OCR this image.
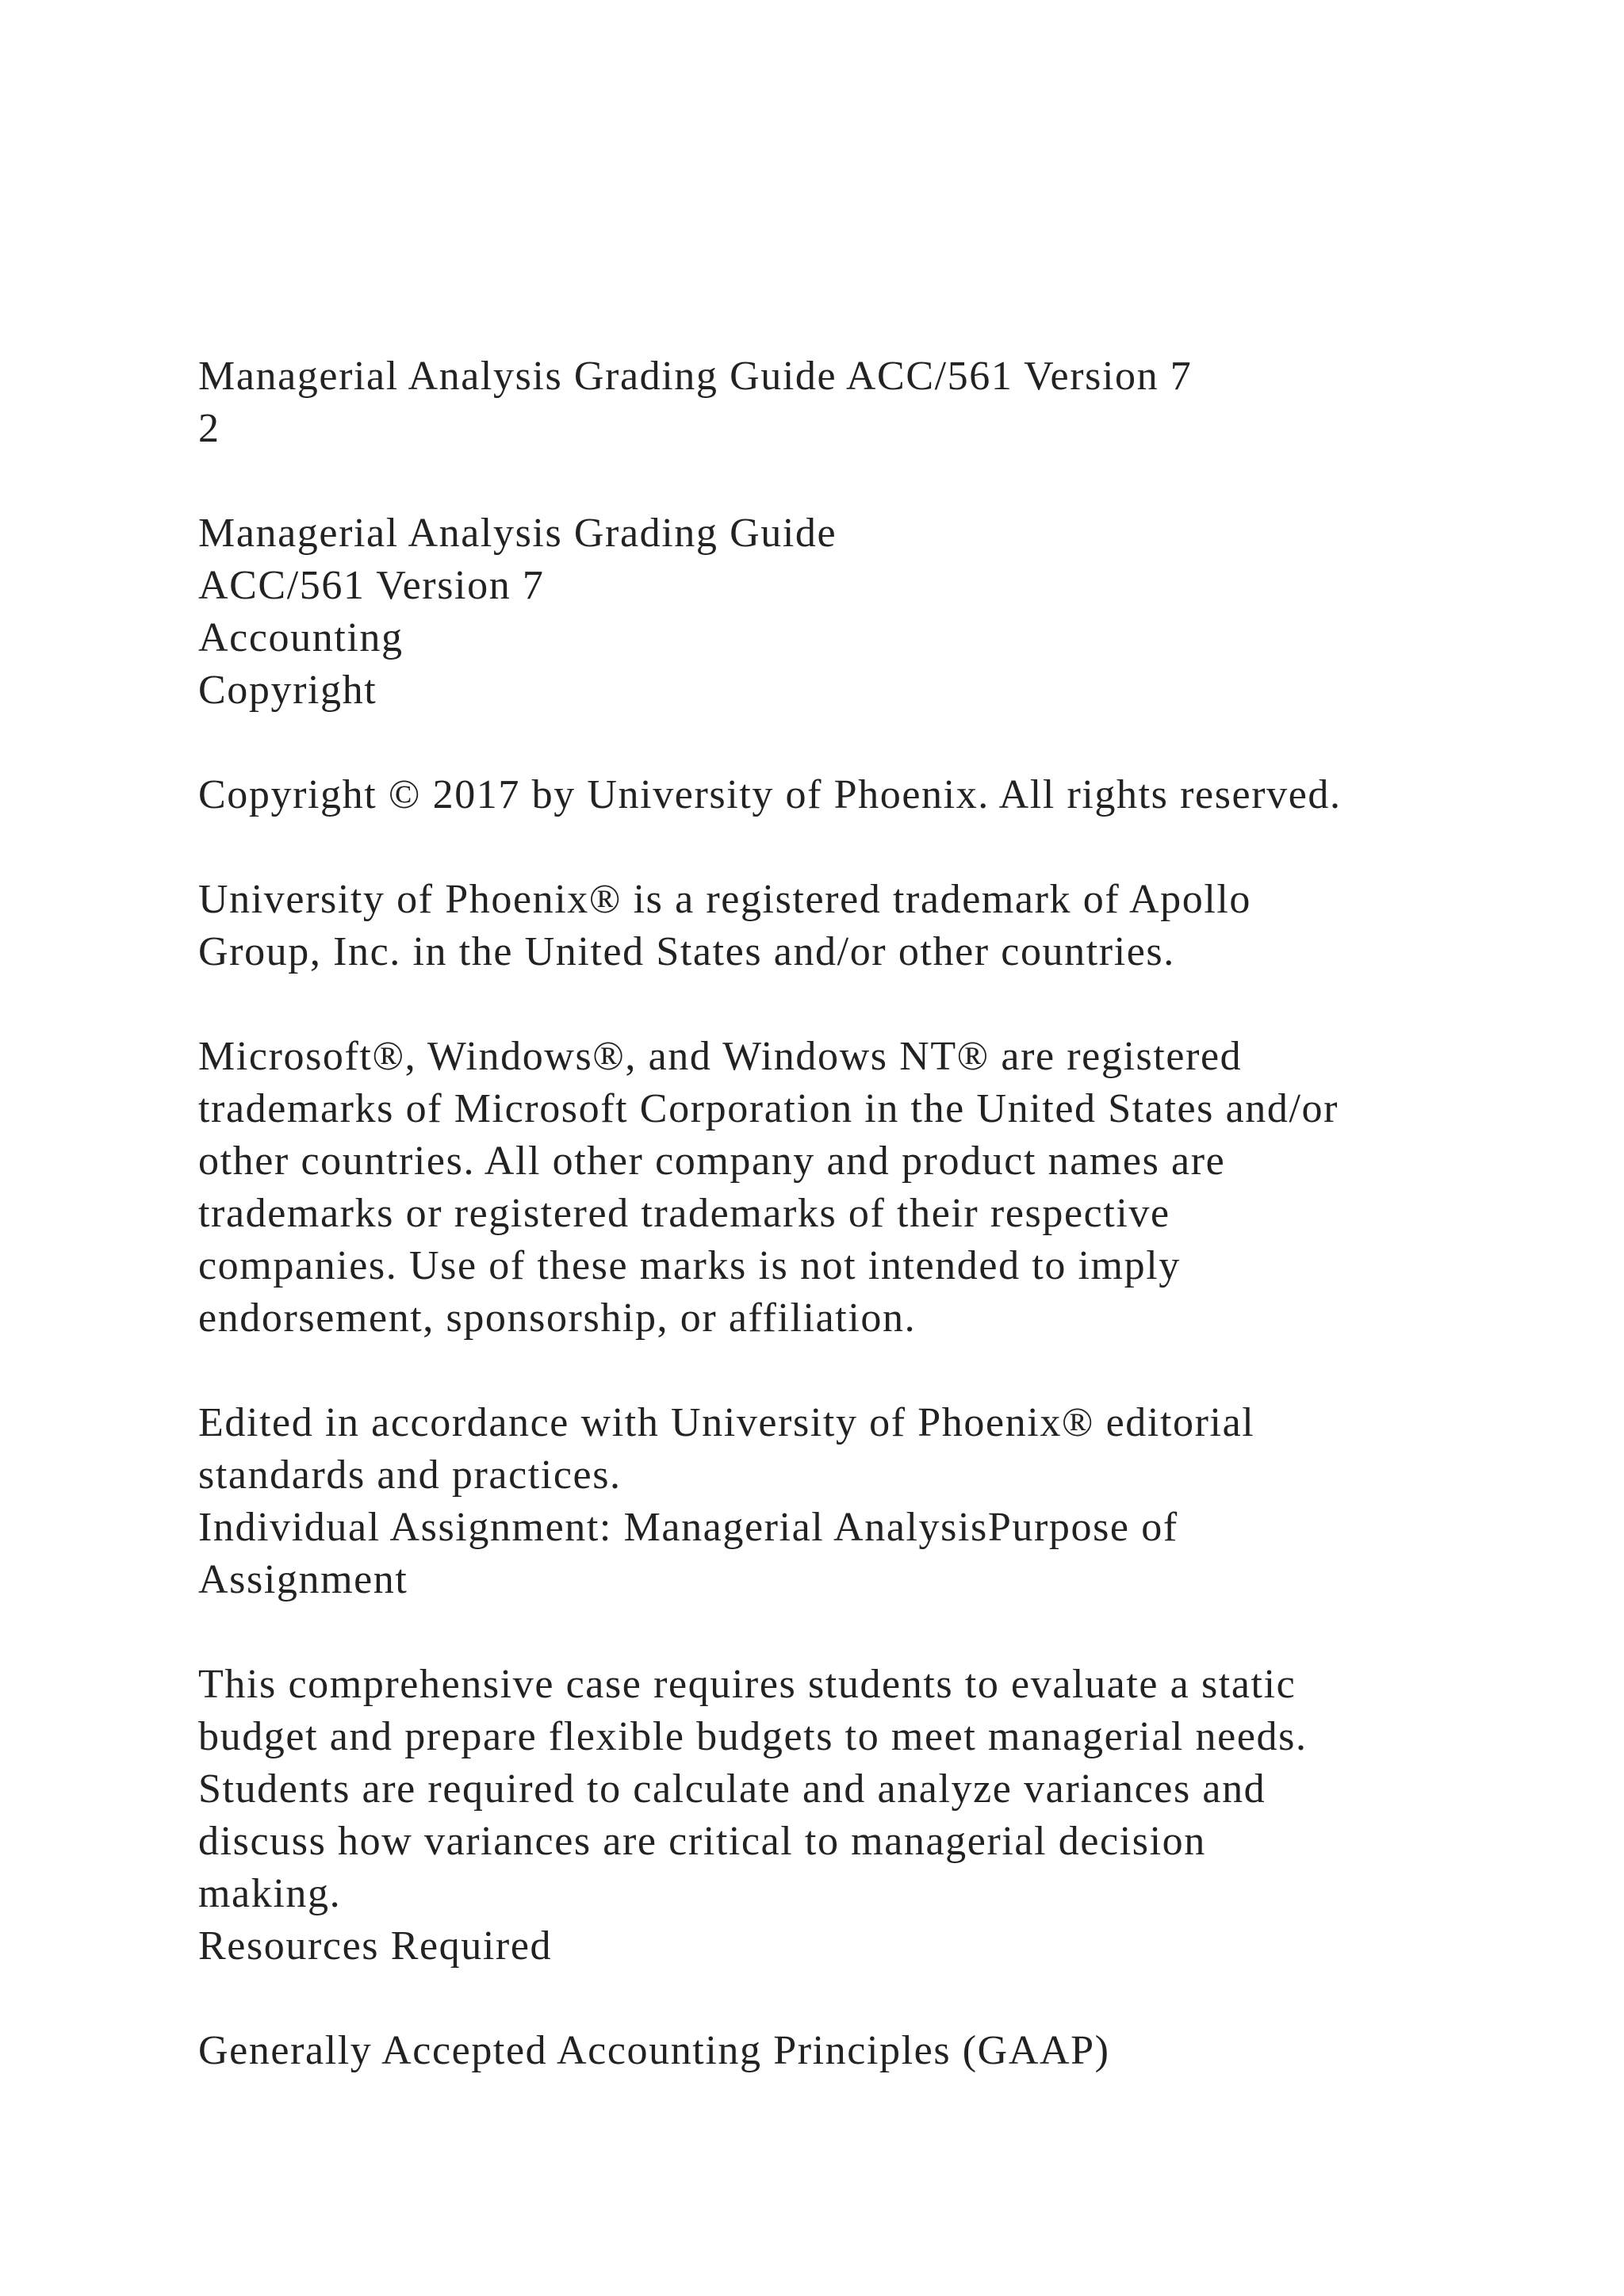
Managerial Analysis Grading Guide ACC/561 Version 7
2
Managerial Analysis Grading Guide
ACC/561 Version 7
Accounting
Copyright
Copyright © 2017 by University of Phoenix. All rights reserved.
University of Phoenix® is a registered trademark of Apollo
Group, Inc. in the United States and/or other countries.
Microsoft®, Windows®, and Windows NT® are registered
trademarks of Microsoft Corporation in the United States and/or
other countries. All other company and product names are
trademarks or registered trademarks of their respective
companies. Use of these marks is not intended to imply
endorsement, sponsorship, or affiliation.
Edited in accordance with University of Phoenix® editorial
standards and practices.
Individual Assignment: Managerial AnalysisPurpose of
Assignment
This comprehensive case requires students to evaluate a static
budget and prepare flexible budgets to meet managerial needs.
Students are required to calculate and analyze variances and
discuss how variances are critical to managerial decision
making.
Resources Required
Generally Accepted Accounting Principles (GAAP)
